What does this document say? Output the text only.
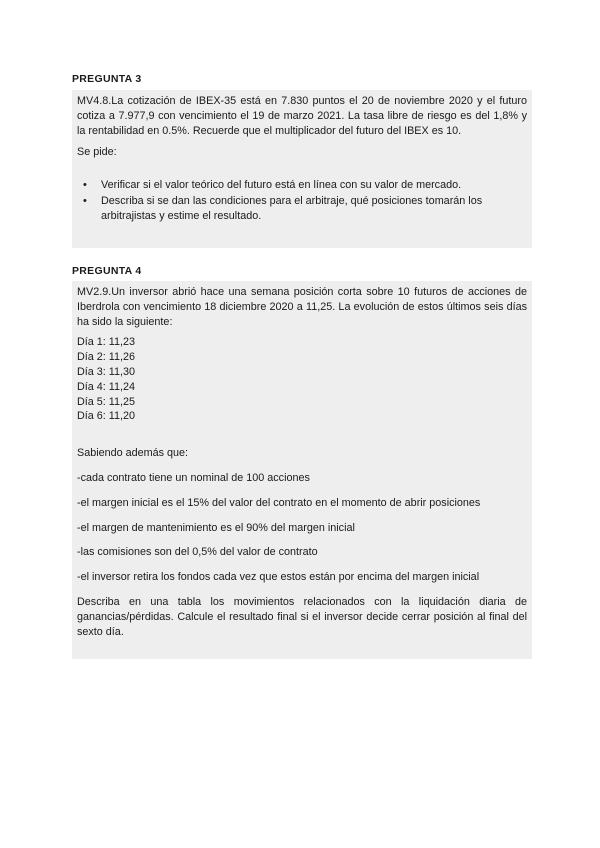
PREGUNTA 3

MV4.8.La cotización de IBEX-35 está en 7.830 puntos el 20 de noviembre 2020 y el futuro cotiza a 7.977,9 con vencimiento el 19 de marzo 2021. La tasa libre de riesgo es del 1,8% y la rentabilidad en 0.5%. Recuerde que el multiplicador del futuro del IBEX es 10.

Se pide:

• Verificar si el valor teórico del futuro está en línea con su valor de mercado.
• Describa si se dan las condiciones para el arbitraje, qué posiciones tomarán los arbitrajistas y estime el resultado.
PREGUNTA 4

MV2.9.Un inversor abrió hace una semana posición corta sobre 10 futuros de acciones de Iberdrola con vencimiento 18 diciembre 2020 a 11,25. La evolución de estos últimos seis días ha sido la siguiente:

Día 1: 11,23

Día 2: 11,26

Día 3: 11,30

Día 4: 11,24

Día 5: 11,25

Día 6: 11,20

Sabiendo además que:

-cada contrato tiene un nominal de 100 acciones

-el margen inicial es el 15% del valor del contrato en el momento de abrir posiciones

-el margen de mantenimiento es el 90% del margen inicial

-las comisiones son del 0,5% del valor de contrato

-el inversor retira los fondos cada vez que estos están por encima del margen inicial

Describa en una tabla los movimientos relacionados con la liquidación diaria de ganancias/pérdidas. Calcule el resultado final si el inversor decide cerrar posición al final del sexto día.
